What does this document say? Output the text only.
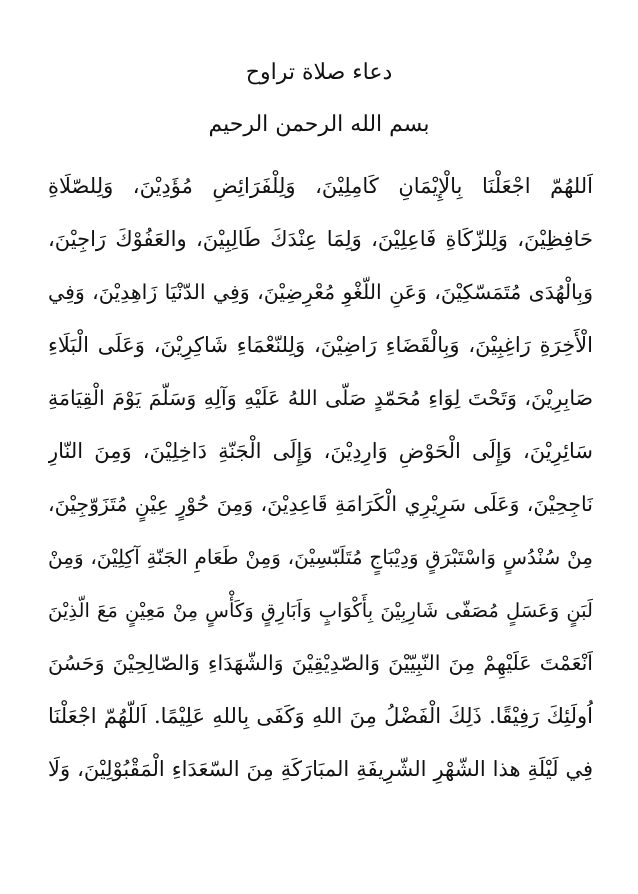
دعاء صلاة تراوح
بسم الله الرحمن الرحيم
اَللهُمّ اجْعَلْنَا بِالْإِيْمَانِ كَامِلِيْنَ، وَلِلْفَرَائِضِ مُؤَدِيْنَ، وَلِلصّلَاةِ
حَافِظِيْنَ، وَلِلزّكَاةِ فَاعِلِيْنَ، وَلِمَا عِنْدَكَ طَالِبِيْنَ، والعَفُوْكَ رَاجِيْنَ،
وَبِالْهُدَى مُتَمَسّكِيْنَ، وَعَنِ اللّغْوِ مُعْرِضِيْنَ، وَفِي الدّنْيَا زَاهِدِيْنَ، وَفِي
الْأَخِرَةِ رَاغِبِيْنَ، وَبِالْقَضَاءِ رَاضِيْنَ، وَلِلنّعْمَاءِ شَاكِرِيْنَ، وَعَلَى الْبَلَاءِ
صَابِرِيْنَ، وَتَحْتَ لِوَاءِ مُحَمّدٍ صَلّى اللهُ عَلَيْهِ وَآلِهِ وَسَلّمَ يَوْمَ الْقِيَامَةِ
سَائِرِيْنَ، وَإِلَى الْحَوْضِ وَارِدِيْنَ، وَإِلَى الْجَنّةِ دَاخِلِيْنَ، وَمِنَ النّارِ
نَاجِحِيْنَ، وَعَلَى سَرِيْرِي الْكَرَامَةِ قَاعِدِيْنَ، وَمِنَ حُوْرٍ عِيْنٍ مُتَزَوّجِيْنَ،
مِنْ سُنْدُسٍ وَاسْتَبْرَقٍ وَدِيْبَاجٍ مُتَلَبّسِيْنَ، وَمِنْ طَعَامِ الجَنّةِ آكِلِيْنَ، وَمِنْ
لَبَنٍ وَعَسَلٍ مُصَفّى شَارِبِيْنَ بِأَكْوَابٍ وَاَبَارِقٍ وَكَأْسٍ مِنْ مَعِيْنٍ مَعَ الّذِيْنَ
اَنْعَمْتَ عَلَيْهِمْ مِنَ النّبِيّيْنَ وَالصّدِيْقِيْنَ وَالشّهَدَاءِ وَالصّالِحِيْنَ وَحَسُنَ
اُولَئِكَ رَفِيْقًا. ذَلِكَ الْفَضْلُ مِنَ اللهِ وَكَفَى بِاللهِ عَلِيْمًا. اَللّهُمّ اجْعَلْنَا
فِي لَيْلَةِ هذا الشّهْرِ الشّرِيفَةِ المبَارَكَةِ مِنَ السّعَدَاءِ الْمَقْبُوْلِيْنَ، وَلَا
